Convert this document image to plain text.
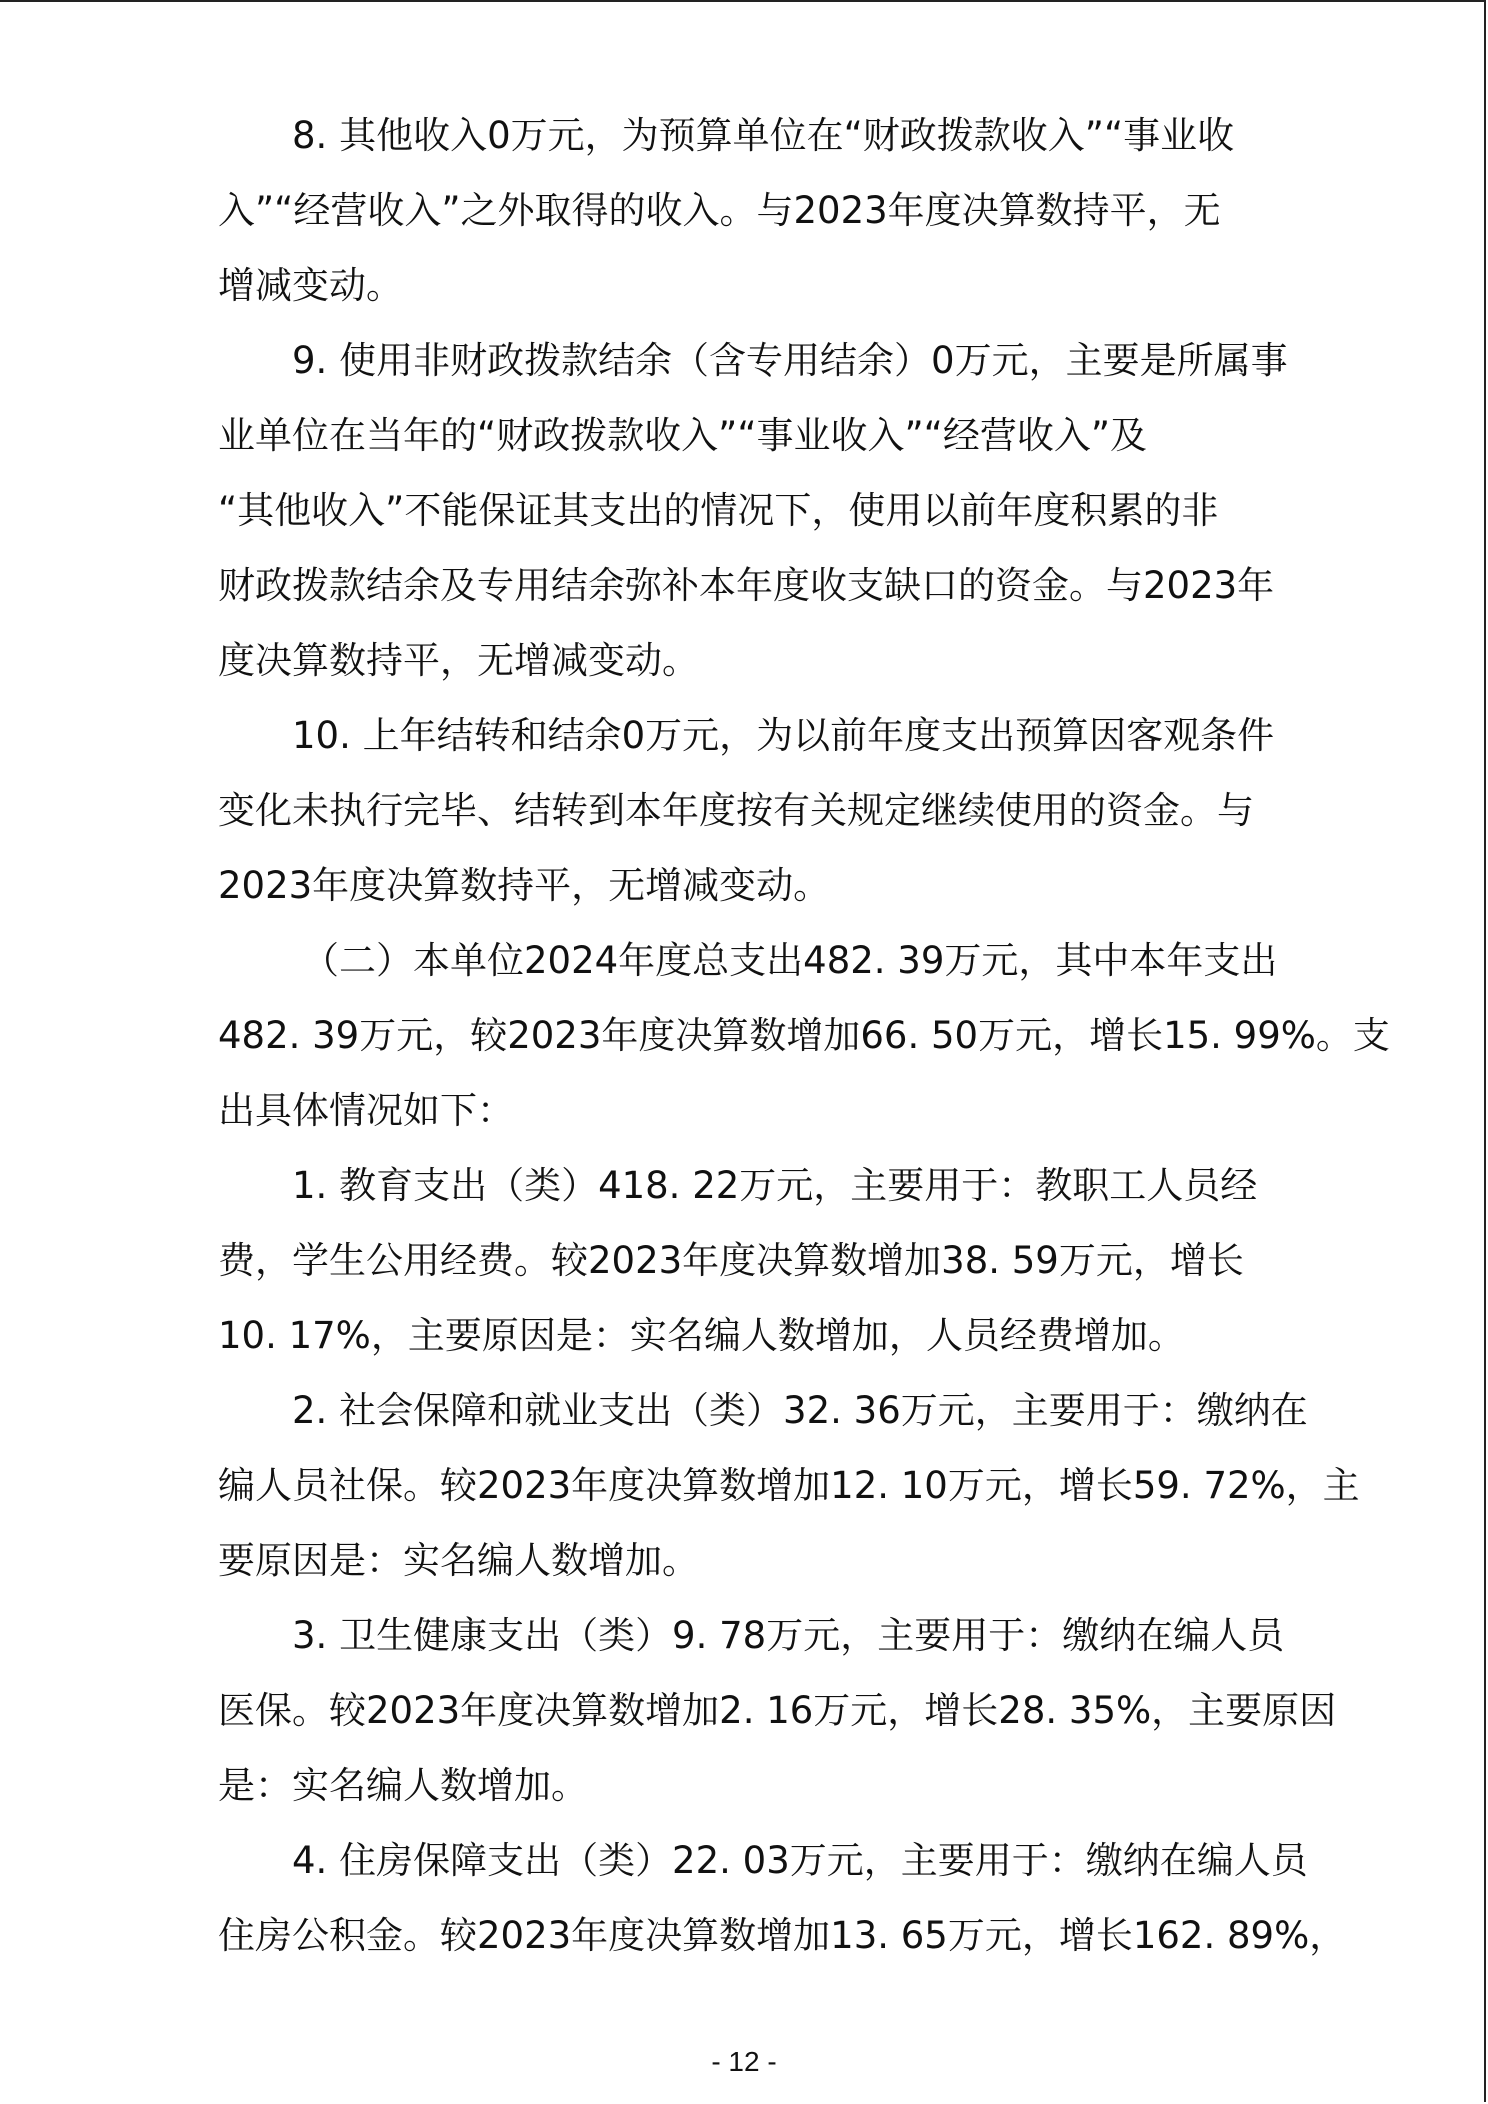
8. 其他收入0万元，为预算单位在“财政拨款收入”“事业收
入”“经营收入”之外取得的收入。与2023年度决算数持平，无
增减变动。
9. 使用非财政拨款结余（含专用结余）0万元，主要是所属事
业单位在当年的“财政拨款收入”“事业收入”“经营收入”及
“其他收入”不能保证其支出的情况下，使用以前年度积累的非
财政拨款结余及专用结余弥补本年度收支缺口的资金。与2023年
度决算数持平，无增减变动。
10. 上年结转和结余0万元，为以前年度支出预算因客观条件
变化未执行完毕、结转到本年度按有关规定继续使用的资金。与
2023年度决算数持平，无增减变动。
（二）本单位2024年度总支出482. 39万元，其中本年支出
482. 39万元，较2023年度决算数增加66. 50万元，增长15. 99%。支
出具体情况如下：
1. 教育支出（类）418. 22万元，主要用于：教职工人员经
费，学生公用经费。较2023年度决算数增加38. 59万元，增长
10. 17%，主要原因是：实名编人数增加，人员经费增加。
2. 社会保障和就业支出（类）32. 36万元，主要用于：缴纳在
编人员社保。较2023年度决算数增加12. 10万元，增长59. 72%，主
要原因是：实名编人数增加。
3. 卫生健康支出（类）9. 78万元，主要用于：缴纳在编人员
医保。较2023年度决算数增加2. 16万元，增长28. 35%，主要原因
是：实名编人数增加。
4. 住房保障支出（类）22. 03万元，主要用于：缴纳在编人员
住房公积金。较2023年度决算数增加13. 65万元，增长162. 89%，
- 12 -
